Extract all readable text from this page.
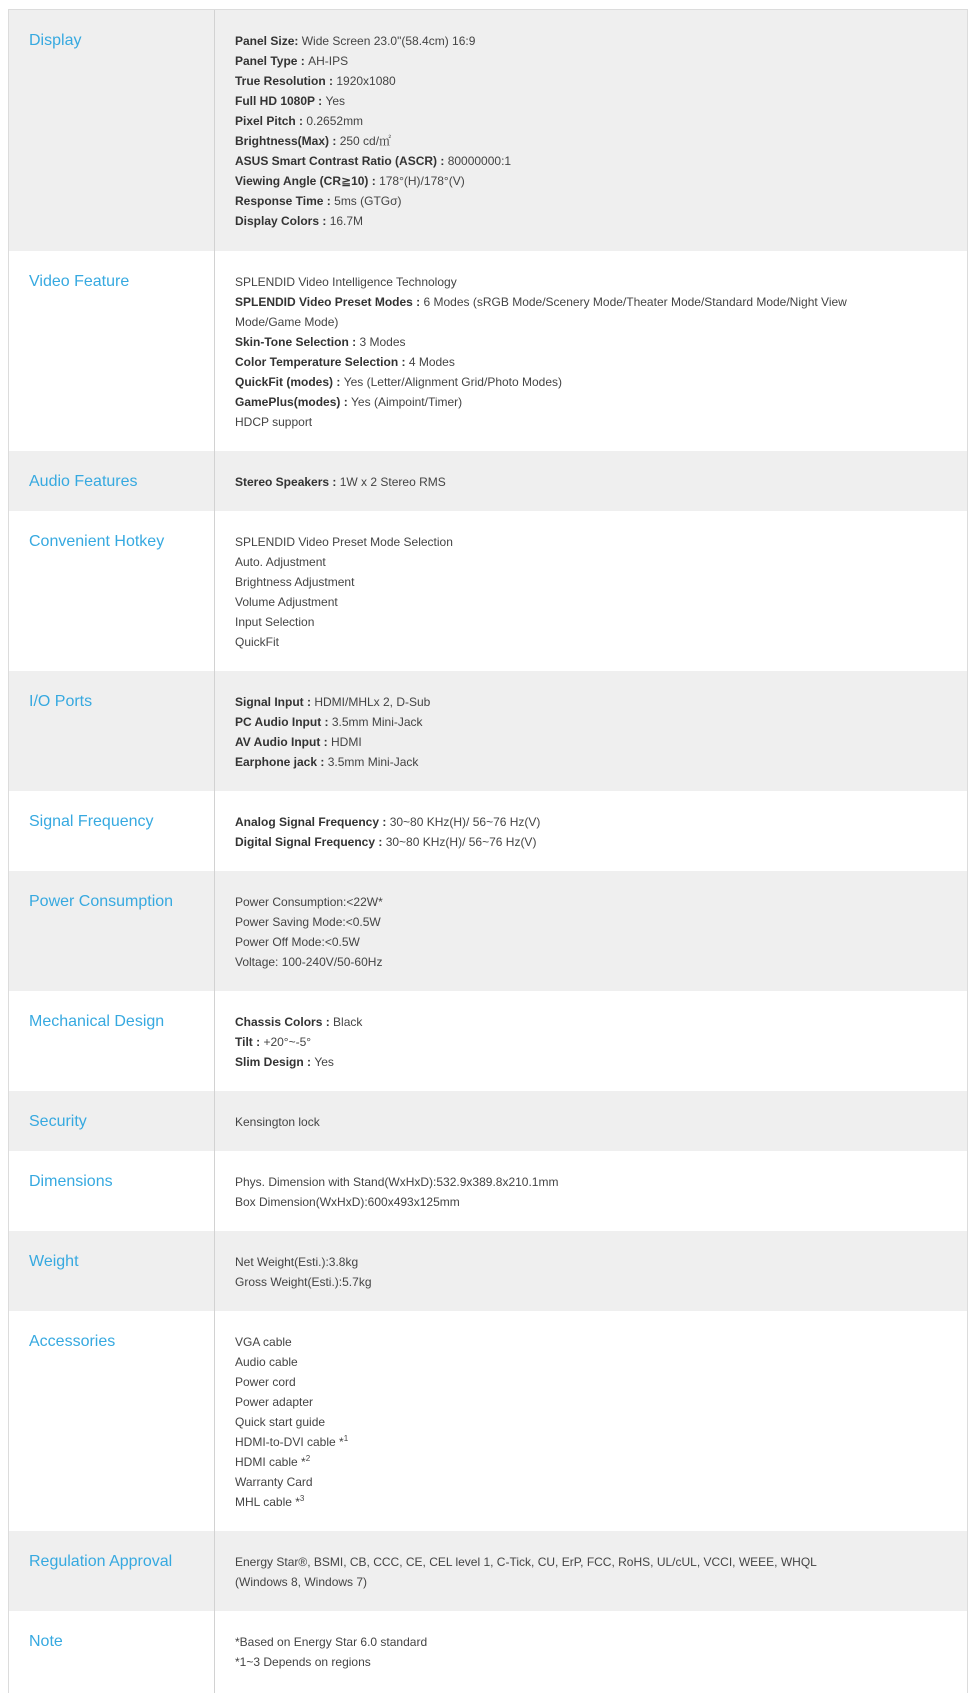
Display	Panel Size: Wide Screen 23.0"(58.4cm) 16:9
Panel Type : AH-IPS
True Resolution : 1920x1080
Full HD 1080P : Yes
Pixel Pitch : 0.2652mm
Brightness(Max) : 250 cd/㎡
ASUS Smart Contrast Ratio (ASCR) : 80000000:1
Viewing Angle (CR≧10) : 178°(H)/178°(V)
Response Time : 5ms (GTGσ)
Display Colors : 16.7M
Video Feature	SPLENDID Video Intelligence Technology
SPLENDID Video Preset Modes : 6 Modes (sRGB Mode/Scenery Mode/Theater Mode/Standard Mode/Night View Mode/Game Mode)
Skin-Tone Selection : 3 Modes
Color Temperature Selection : 4 Modes
QuickFit (modes) : Yes (Letter/Alignment Grid/Photo Modes)
GamePlus(modes) : Yes (Aimpoint/Timer)
HDCP support
Audio Features	Stereo Speakers : 1W x 2 Stereo RMS
Convenient Hotkey	SPLENDID Video Preset Mode Selection
Auto. Adjustment
Brightness Adjustment
Volume Adjustment
Input Selection
QuickFit
I/O Ports	Signal Input : HDMI/MHLx 2, D-Sub
PC Audio Input : 3.5mm Mini-Jack
AV Audio Input : HDMI
Earphone jack : 3.5mm Mini-Jack
Signal Frequency	Analog Signal Frequency : 30~80 KHz(H)/ 56~76 Hz(V)
Digital Signal Frequency : 30~80 KHz(H)/ 56~76 Hz(V)
Power Consumption	Power Consumption:<22W*
Power Saving Mode:<0.5W
Power Off Mode:<0.5W
Voltage: 100-240V/50-60Hz
Mechanical Design	Chassis Colors : Black
Tilt : +20°~-5°
Slim Design : Yes
Security	Kensington lock
Dimensions	Phys. Dimension with Stand(WxHxD):532.9x389.8x210.1mm
Box Dimension(WxHxD):600x493x125mm
Weight	Net Weight(Esti.):3.8kg
Gross Weight(Esti.):5.7kg
Accessories	VGA cable
Audio cable
Power cord
Power adapter
Quick start guide
HDMI-to-DVI cable *$^1$
HDMI cable *$^2$
Warranty Card
MHL cable *$^3$
Regulation Approval	Energy Star®, BSMI, CB, CCC, CE, CEL level 1, C-Tick, CU, ErP, FCC, RoHS, UL/cUL, VCCI, WEEE, WHQL (Windows 8, Windows 7)
Note	*Based on Energy Star 6.0 standard
*1~3 Depends on regions
